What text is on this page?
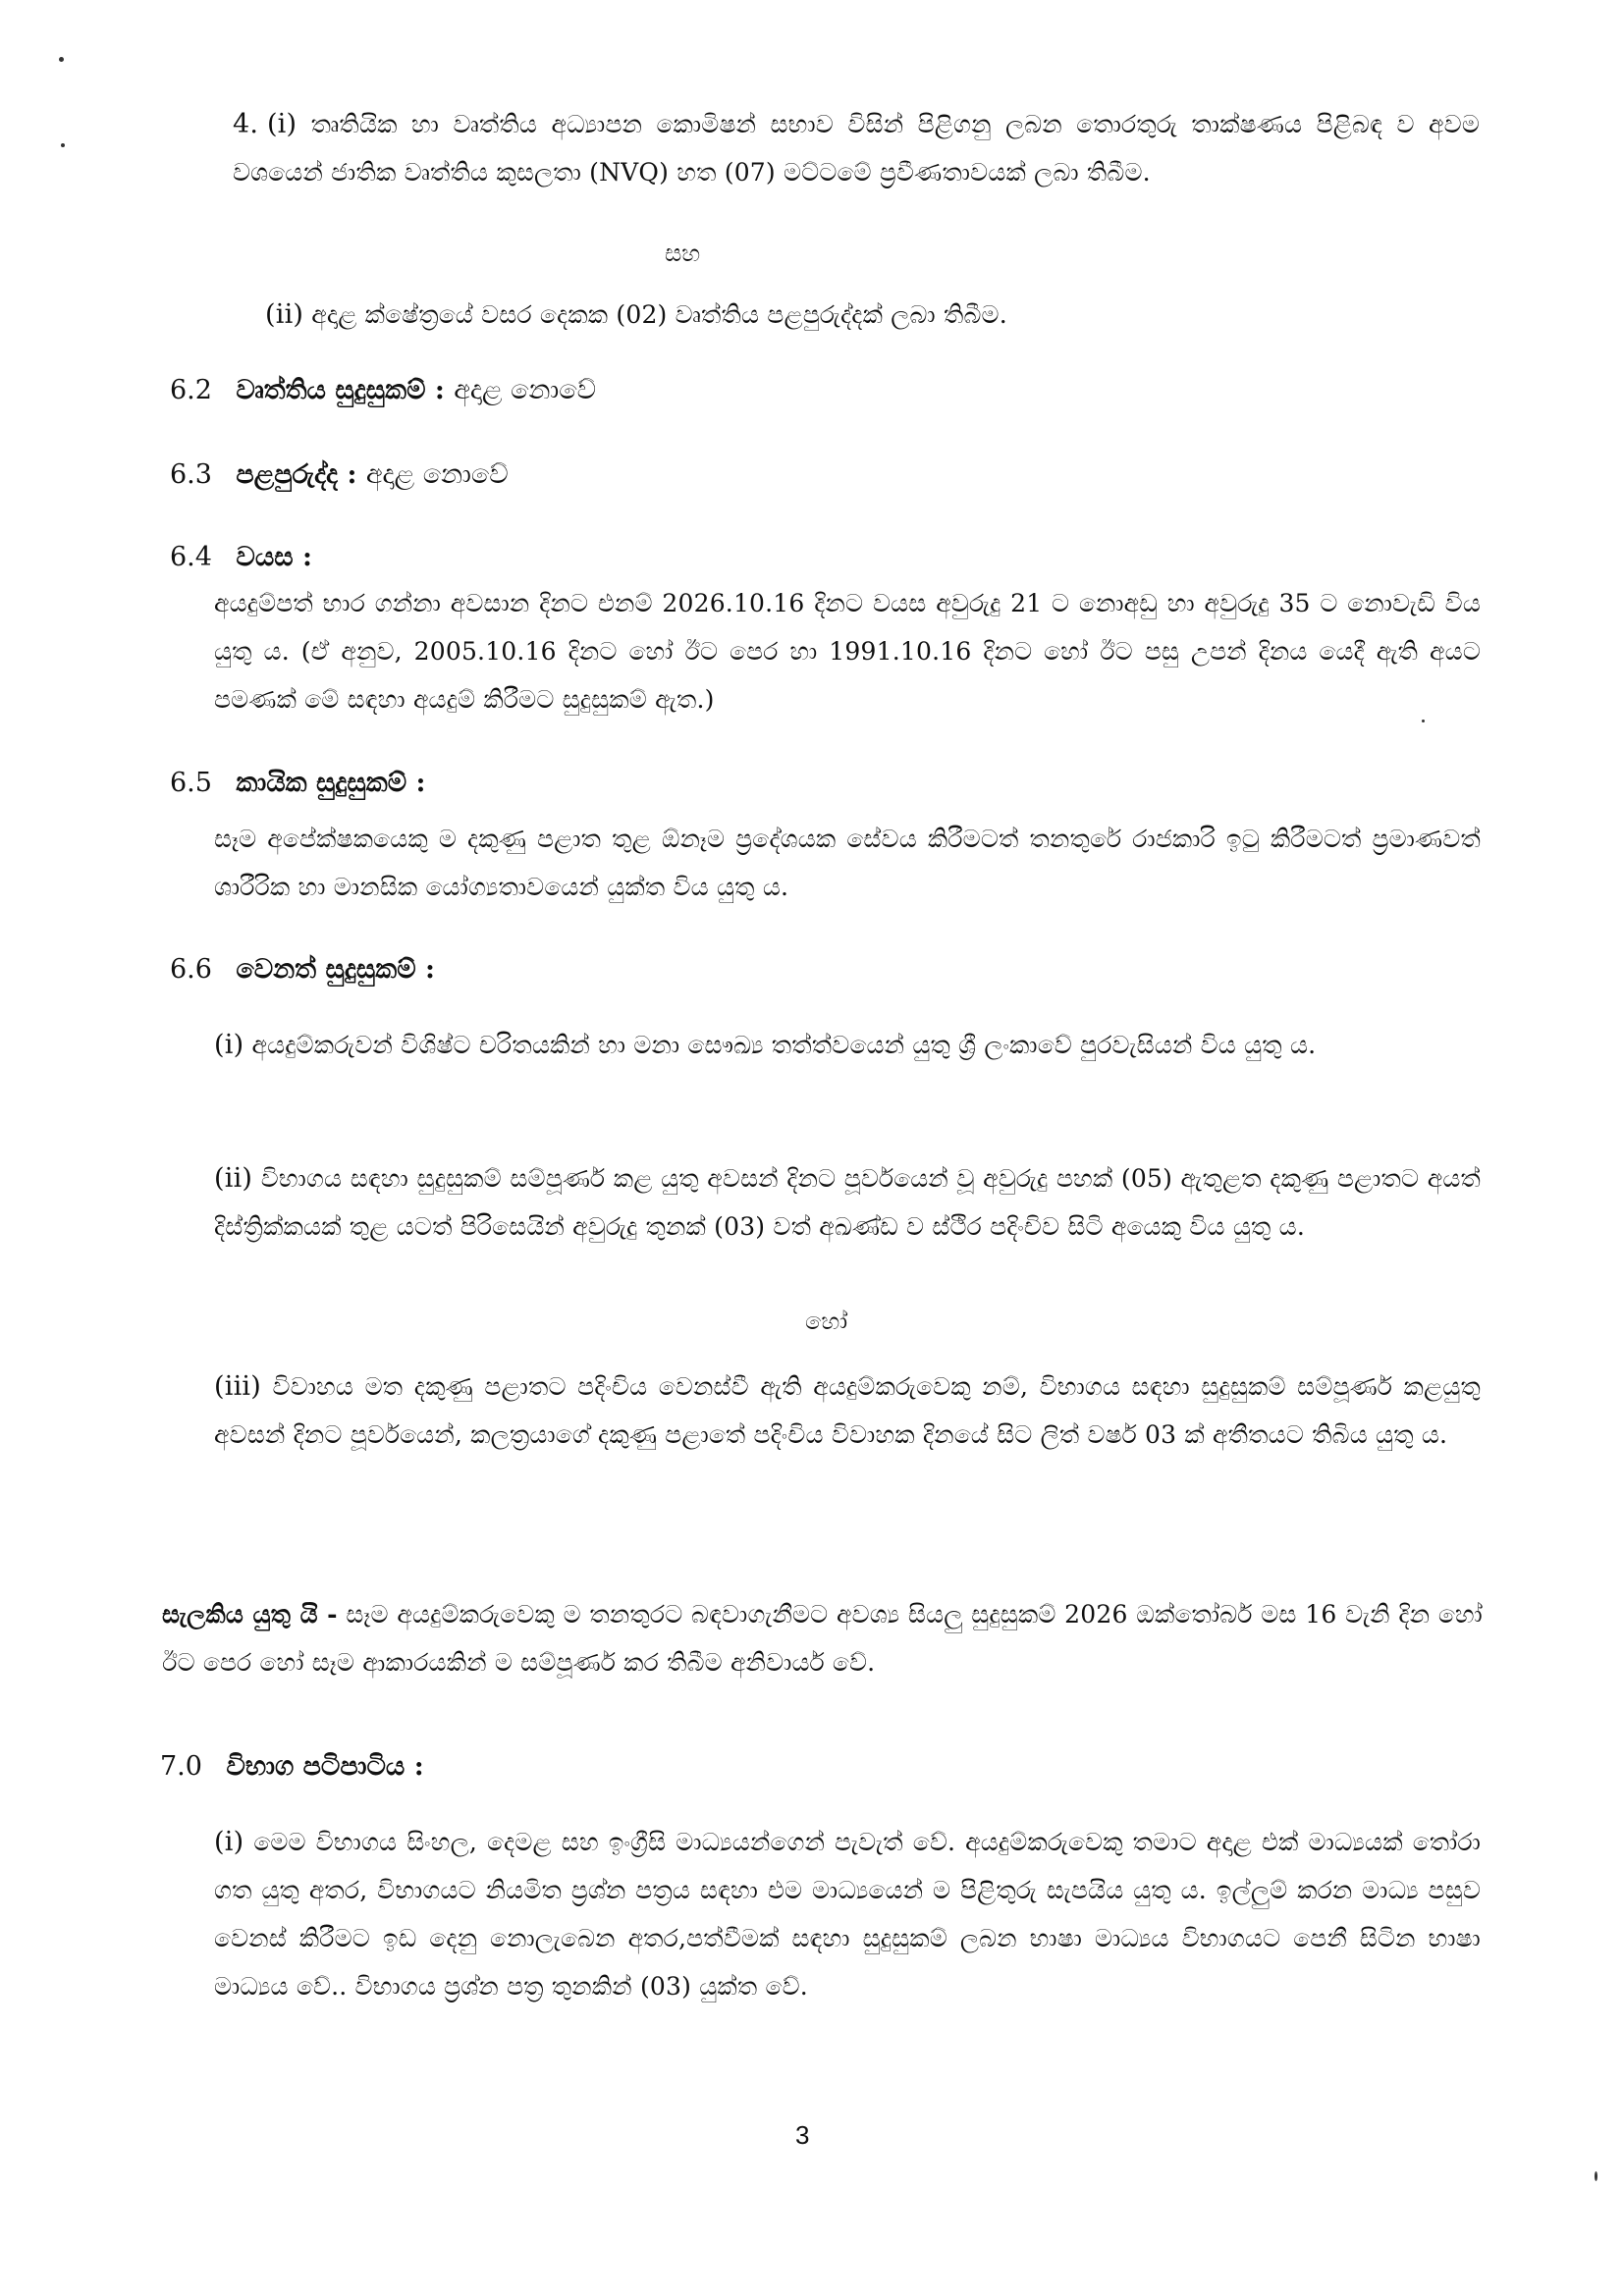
4. (i) තෘතියික හා වෘත්තිය අධ්‍යාපන කොමිෂන් සභාව විසින් පිළිගනු ලබන තොරතුරු තාක්ෂණය පිළිබඳ ව අවම වශයෙන් ජාතික වෘත්තිය කුසලතා (NVQ) හත (07) මට්ටමේ ප්‍රවීණතාවයක් ලබා තිබීම.
සහ
(ii) අදාළ ක්ෂේත්‍රයේ වසර දෙකක (02) වෘත්තිය පළපුරුද්දක් ලබා තිබීම.
6.2 වෘත්තිය සුදුසුකම් : අදාළ නොවේ
6.3 පළපුරුද්ද : අදාළ නොවේ
6.4 වයස :
අයදුම්පත් භාර ගන්නා අවසාන දිනට එනම් 2026.10.16 දිනට වයස අවුරුදු 21 ට නොඅඩු හා අවුරුදු 35 ට නොවැඩි විය යුතු ය. (ඒ අනුව, 2005.10.16 දිනට හෝ ඊට පෙර හා 1991.10.16 දිනට හෝ ඊට පසු උපන් දිනය යෙදී ඇති අයට පමණක් මේ සඳහා අයදුම් කිරීමට සුදුසුකම් ඇත.)
6.5 කායික සුදුසුකම් :
සෑම අපේක්ෂකයෙකු ම දකුණු පළාත තුළ ඕනෑම ප්‍රදේශයක සේවය කිරීමටත් තනතුරේ රාජකාරි ඉටු කිරීමටත් ප්‍රමාණවත් ශාරීරික හා මානසික යෝග්‍යතාවයෙන් යුක්ත විය යුතු ය.
6.6 වෙනත් සුදුසුකම් :
(i) අයදුම්කරුවන් විශිෂ්ට චරිතයකින් හා මනා සෞඛ්‍ය තත්ත්වයෙන් යුතු ශ්‍රී ලංකාවේ පුරවැසියන් විය යුතු ය.
(ii) විභාගය සඳහා සුදුසුකම් සම්පූර්ණ කළ යුතු අවසන් දිනට පූර්වයෙන් වූ අවුරුදු පහක් (05) ඇතුළත දකුණු පළාතට අයත් දිස්ත්‍රික්කයක් තුළ යටත් පිරිසෙයින් අවුරුදු තුනක් (03) වත් අඛණ්ඩ ව ස්ථිර පදිංචිව සිටි අයෙකු විය යුතු ය.
හෝ
(iii) විවාහය මත දකුණු පළාතට පදිංචිය වෙනස්වී ඇති අයදුම්කරුවෙකු නම්, විභාගය සඳහා සුදුසුකම් සම්පූර්ණ කළයුතු අවසන් දිනට පූර්වයෙන්, කලත්‍රයාගේ දකුණු පළාතේ පදිංචිය විවාහක දිනයේ සිට ලිත් වර්ෂ 03 ක් අතීතයට තිබිය යුතු ය.
සැලකිය යුතු යි - සෑම අයදුම්කරුවෙකු ම තනතුරට බඳවාගැනීමට අවශ්‍ය සියලු සුදුසුකම් 2026 ඔක්තෝබර් මස 16 වැනි දින හෝ ඊට පෙර හෝ සෑම ආකාරයකින් ම සම්පූර්ණ කර තිබීම අනිවාර්ය වේ.
7.0 විභාග පටිපාටිය :
(i) මෙම විභාගය සිංහල, දෙමළ සහ ඉංග්‍රීසි මාධ්‍යයන්ගෙන් පැවැත් වේ. අයදුම්කරුවෙකු තමාට අදාළ එක් මාධ්‍යයක් තෝරා ගත යුතු අතර, විභාගයට නියමිත ප්‍රශ්න පත්‍රය සඳහා එම මාධ්‍යයෙන් ම පිළිතුරු සැපයිය යුතු ය. ඉල්ලුම් කරන මාධ්‍ය පසුව වෙනස් කිරීමට ඉඩ දෙනු නොලැබෙන අතර,පත්වීමක් සඳහා සුදුසුකම් ලබන භාෂා මාධ්‍යය විභාගයට පෙනී සිටින භාෂා මාධ්‍යය වේ.. විභාගය ප්‍රශ්න පත්‍ර තුනකින් (03) යුක්ත වේ.
3
